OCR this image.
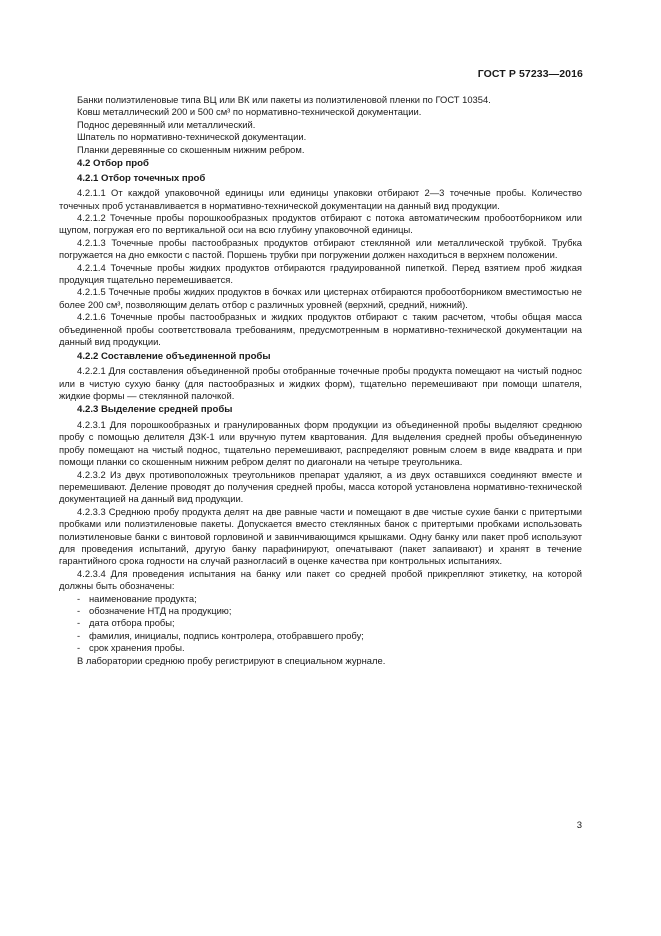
ГОСТ Р 57233—2016

Банки полиэтиленовые типа ВЦ или ВК или пакеты из полиэтиленовой пленки по ГОСТ 10354.

Ковш металлический 200 и 500 см³ по нормативно-технической документации.

Поднос деревянный или металлический.

Шпатель по нормативно-технической документации.

Планки деревянные со скошенным нижним ребром.

4.2 Отбор проб
4.2.1 Отбор точечных проб

4.2.1.1 От каждой упаковочной единицы или единицы упаковки отбирают 2—3 точечные пробы. Количество точечных проб устанавливается в нормативно-технической документации на данный вид продукции.

4.2.1.2 Точечные пробы порошкообразных продуктов отбирают с потока автоматическим пробоотборником или щупом, погружая его по вертикальной оси на всю глубину упаковочной единицы.

4.2.1.3 Точечные пробы пастообразных продуктов отбирают стеклянной или металлической трубкой. Трубка погружается на дно емкости с пастой. Поршень трубки при погружении должен находиться в верхнем положении.

4.2.1.4 Точечные пробы жидких продуктов отбираются градуированной пипеткой. Перед взятием проб жидкая продукция тщательно перемешивается.

4.2.1.5 Точечные пробы жидких продуктов в бочках или цистернах отбираются пробоотборником вместимостью не более 200 см³, позволяющим делать отбор с различных уровней (верхний, средний, нижний).

4.2.1.6 Точечные пробы пастообразных и жидких продуктов отбирают с таким расчетом, чтобы общая масса объединенной пробы соответствовала требованиям, предусмотренным в нормативно-технической документации на данный вид продукции.

4.2.2 Составление объединенной пробы

4.2.2.1 Для составления объединенной пробы отобранные точечные пробы продукта помещают на чистый поднос или в чистую сухую банку (для пастообразных и жидких форм), тщательно перемешивают при помощи шпателя, жидкие формы — стеклянной палочкой.

4.2.3 Выделение средней пробы

4.2.3.1 Для порошкообразных и гранулированных форм продукции из объединенной пробы выделяют среднюю пробу с помощью делителя ДЗК-1 или вручную путем квартования. Для выделения средней пробы объединенную пробу помещают на чистый поднос, тщательно перемешивают, распределяют ровным слоем в виде квадрата и при помощи планки со скошенным нижним ребром делят по диагонали на четыре треугольника.

4.2.3.2 Из двух противоположных треугольников препарат удаляют, а из двух оставшихся соединяют вместе и перемешивают. Деление проводят до получения средней пробы, масса которой установлена нормативно-технической документацией на данный вид продукции.

4.2.3.3 Среднюю пробу продукта делят на две равные части и помещают в две чистые сухие банки с притертыми пробками или полиэтиленовые пакеты. Допускается вместо стеклянных банок с притертыми пробками использовать полиэтиленовые банки с винтовой горловиной и завинчивающимся крышками. Одну банку или пакет проб используют для проведения испытаний, другую банку парафинируют, опечатывают (пакет запаивают) и хранят в течение гарантийного срока годности на случай разногласий в оценке качества при контрольных испытаниях.

4.2.3.4 Для проведения испытания на банку или пакет со средней пробой прикрепляют этикетку, на которой должны быть обозначены:

- наименование продукта;
- обозначение НТД на продукцию;
- дата отбора пробы;
- фамилия, инициалы, подпись контролера, отобравшего пробу;
- срок хранения пробы.

В лаборатории среднюю пробу регистрируют в специальном журнале.

3
